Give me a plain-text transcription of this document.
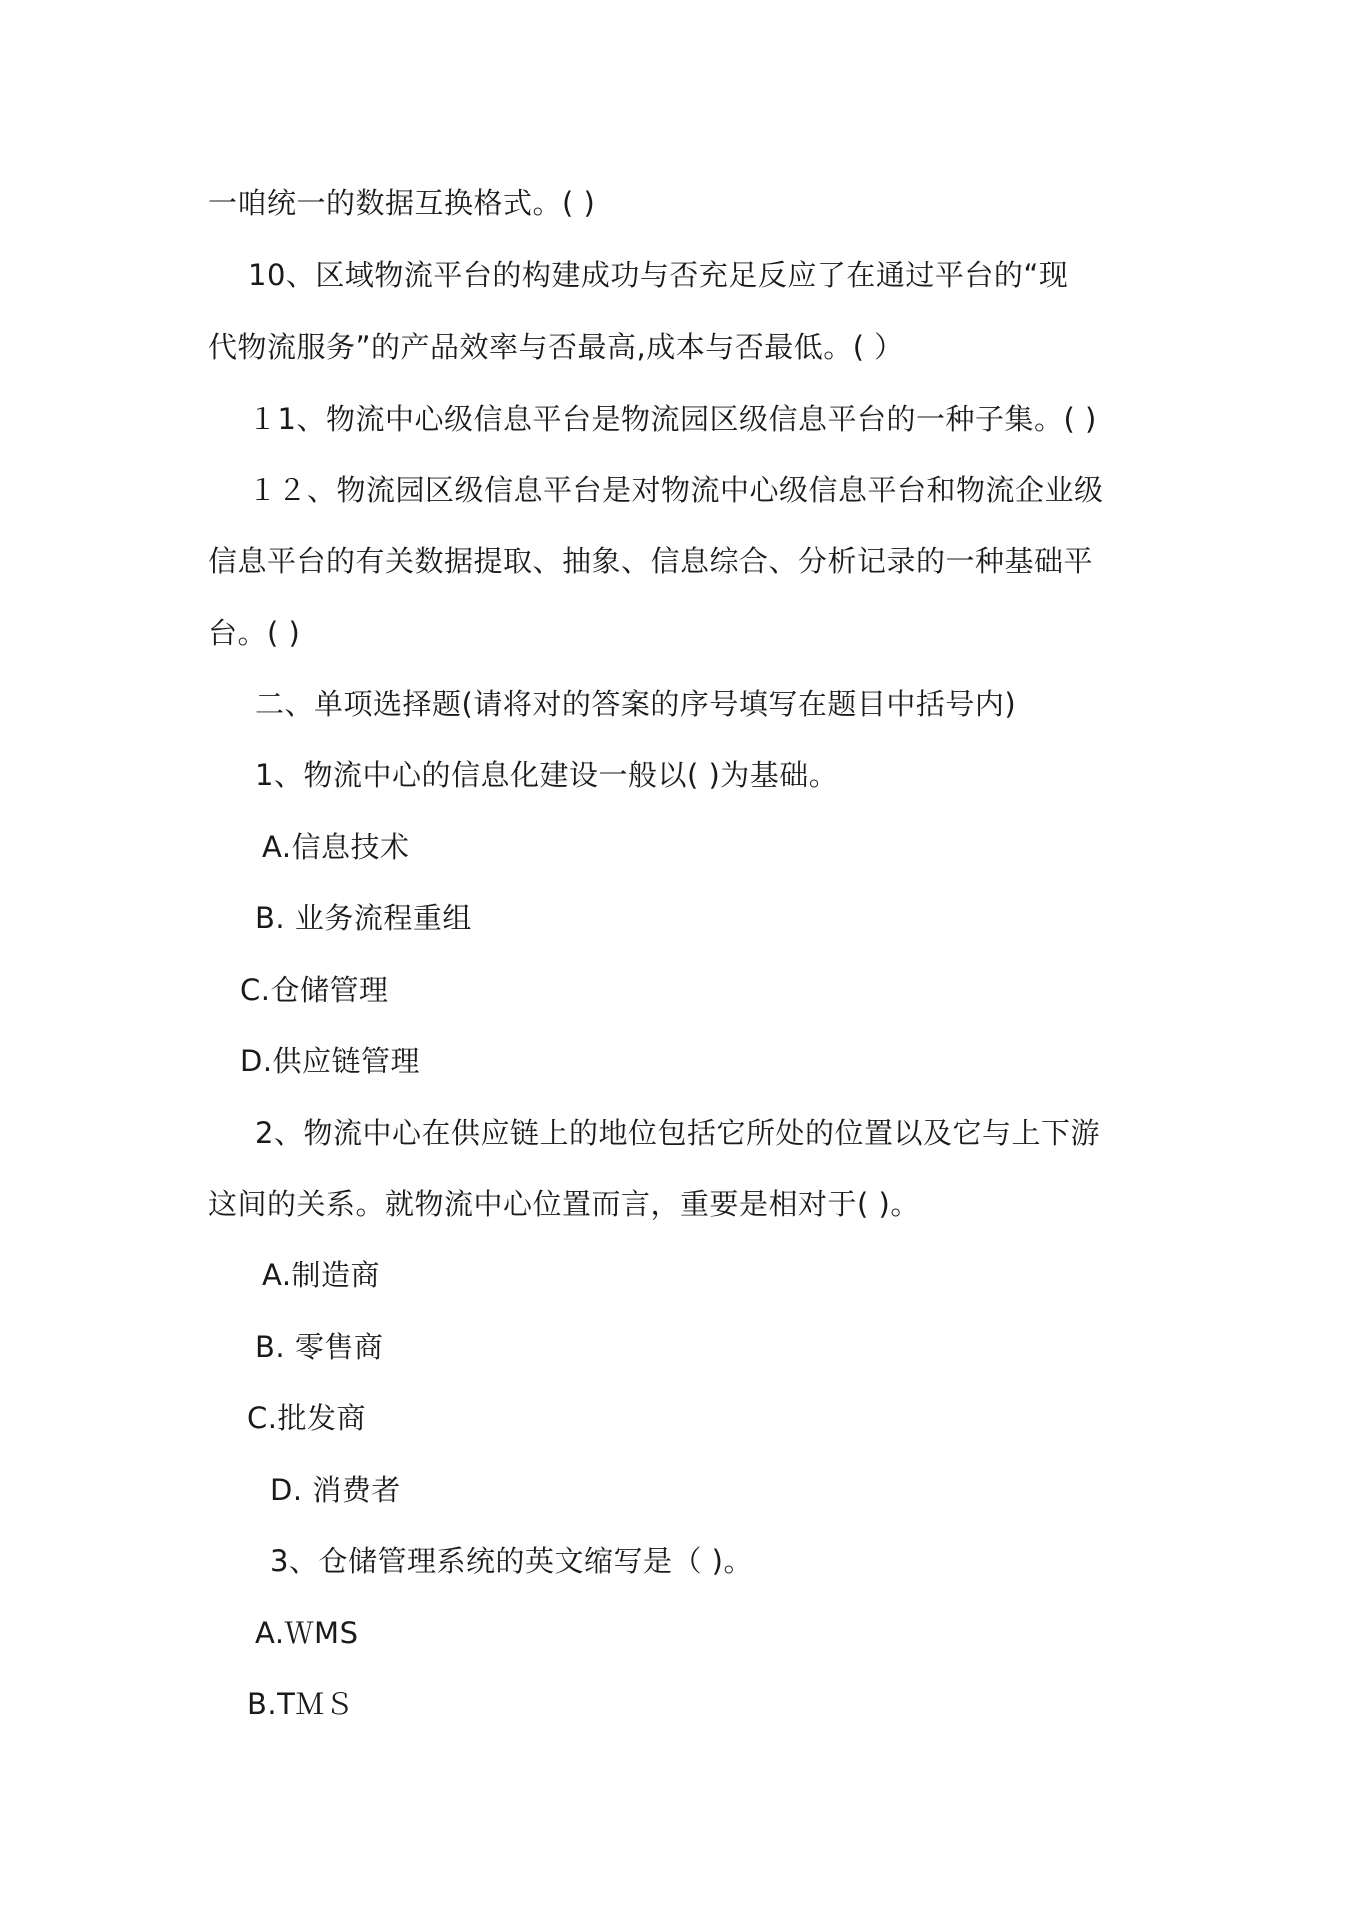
一咱统一的数据互换格式。( )
10、区域物流平台的构建成功与否充足反应了在通过平台的“现
代物流服务”的产品效率与否最高,成本与否最低。( ）
１1、物流中心级信息平台是物流园区级信息平台的一种子集。( )
１２、物流园区级信息平台是对物流中心级信息平台和物流企业级
信息平台的有关数据提取、抽象、信息综合、分析记录的一种基础平
台。( )
二、单项选择题(请将对的答案的序号填写在题目中括号内)
1、物流中心的信息化建设一般以( )为基础。
A.信息技术
B. 业务流程重组
C.仓储管理
D.供应链管理
2、物流中心在供应链上的地位包括它所处的位置以及它与上下游
这间的关系。就物流中心位置而言，重要是相对于( )。
A.制造商
B. 零售商
C.批发商
D. 消费者
3、仓储管理系统的英文缩写是（ )。
A.ＷMS
B.TＭＳ
